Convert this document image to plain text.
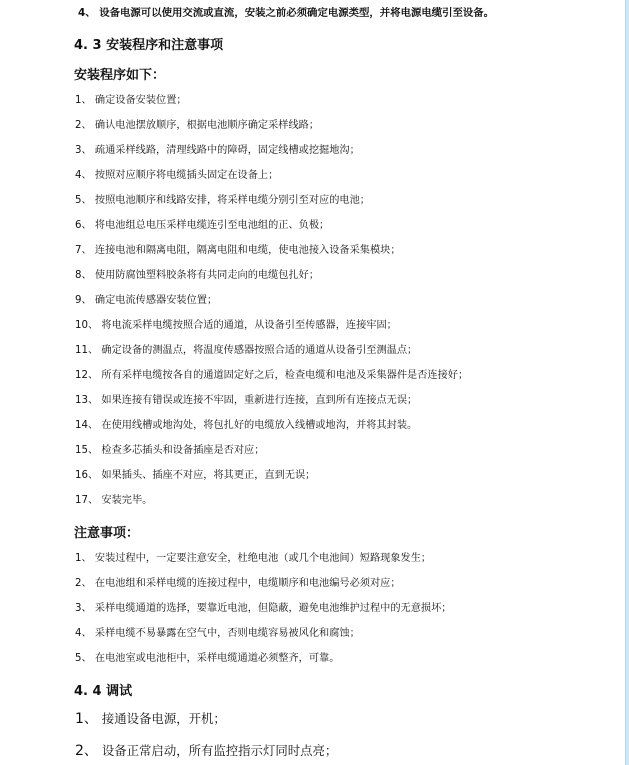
4、 设备电源可以使用交流或直流，安装之前必须确定电源类型，并将电源电缆引至设备。

4. 3 安装程序和注意事项
安装程序如下：

1、 确定设备安装位置；

2、 确认电池摆放顺序，根据电池顺序确定采样线路；

3、 疏通采样线路，清理线路中的障碍，固定线槽或挖掘地沟；

4、 按照对应顺序将电缆插头固定在设备上；

5、 按照电池顺序和线路安排，将采样电缆分别引至对应的电池；

6、 将电池组总电压采样电缆连引至电池组的正、负极；

7、 连接电池和隔离电阻，隔离电阻和电缆，使电池接入设备采集模块；

8、 使用防腐蚀塑料胶条将有共同走向的电缆包扎好；

9、 确定电流传感器安装位置；

10、 将电流采样电缆按照合适的通道，从设备引至传感器，连接牢固；

11、 确定设备的测温点，将温度传感器按照合适的通道从设备引至测温点；

12、 所有采样电缆按各自的通道固定好之后，检查电缆和电池及采集器件是否连接好；

13、 如果连接有错误或连接不牢固，重新进行连接，直到所有连接点无误；

14、 在使用线槽或地沟处，将包扎好的电缆放入线槽或地沟，并将其封装。

15、 检查多芯插头和设备插座是否对应；

16、 如果插头、插座不对应，将其更正，直到无误；

17、 安装完毕。

注意事项：

1、 安装过程中，一定要注意安全，杜绝电池（或几个电池间）短路现象发生；

2、 在电池组和采样电缆的连接过程中，电缆顺序和电池编号必须对应；

3、 采样电缆通道的选择，要靠近电池，但隐蔽，避免电池维护过程中的无意损坏；

4、 采样电缆不易暴露在空气中，否则电缆容易被风化和腐蚀；

5、 在电池室或电池柜中，采样电缆通道必须整齐，可靠。

4. 4 调试

1、 接通设备电源，开机；

2、 设备正常启动，所有监控指示灯同时点亮；
